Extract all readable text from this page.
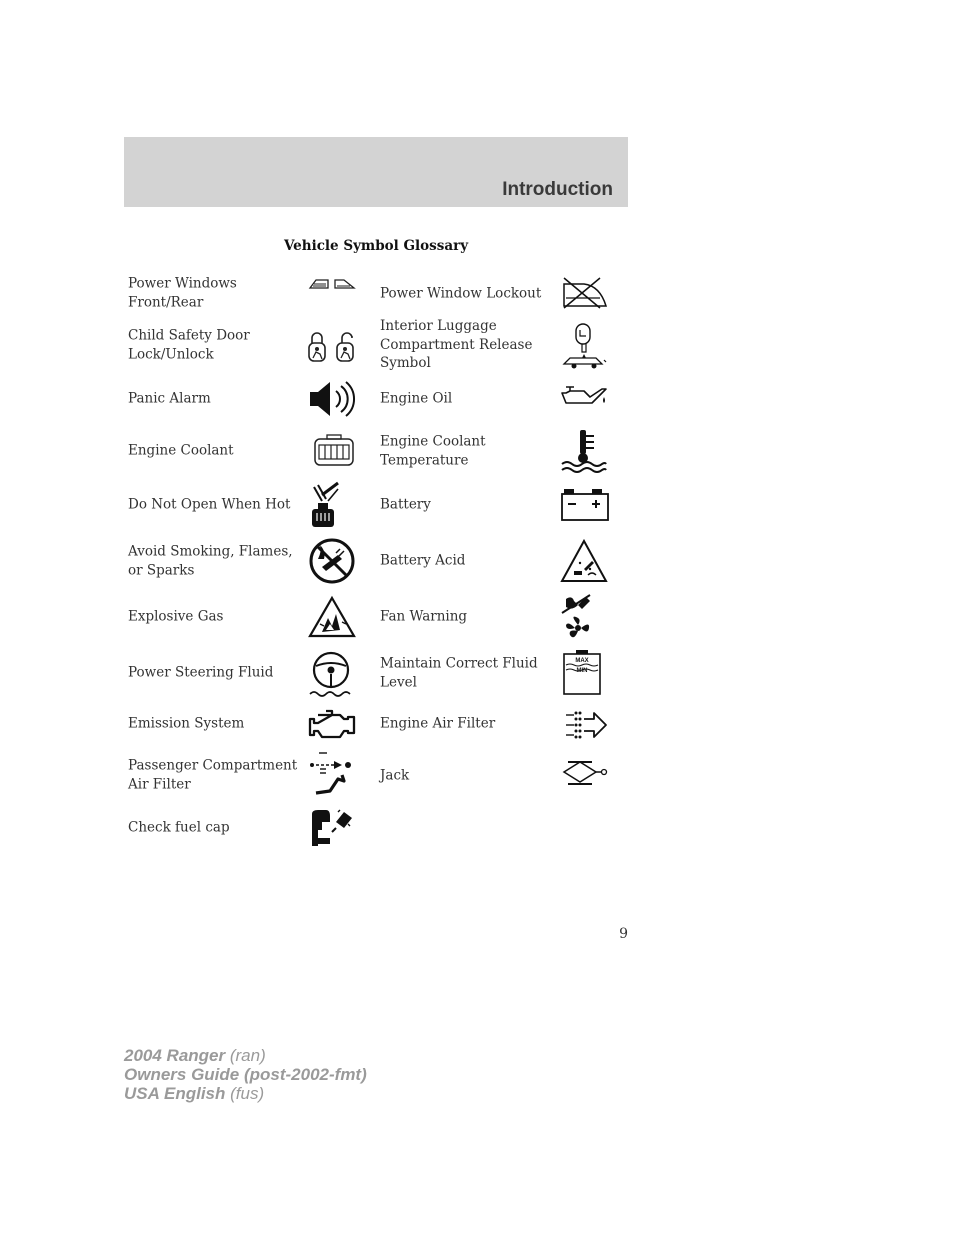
Introduction
Vehicle Symbol Glossary
Power Windows Front/Rear
Child Safety Door Lock/Unlock
Panic Alarm
Engine Coolant
Do Not Open When Hot
Avoid Smoking, Flames, or Sparks
Explosive Gas
Power Steering Fluid
Emission System
Passenger Compartment Air Filter
Check fuel cap
Power Window Lockout
Interior Luggage Compartment Release Symbol
Engine Oil
Engine Coolant Temperature
Battery
Battery Acid
Fan Warning
Maintain Correct Fluid Level
Engine Air Filter
Jack
MAX
MIN
9
2004 Ranger (ran)
Owners Guide (post-2002-fmt)
USA English (fus)
